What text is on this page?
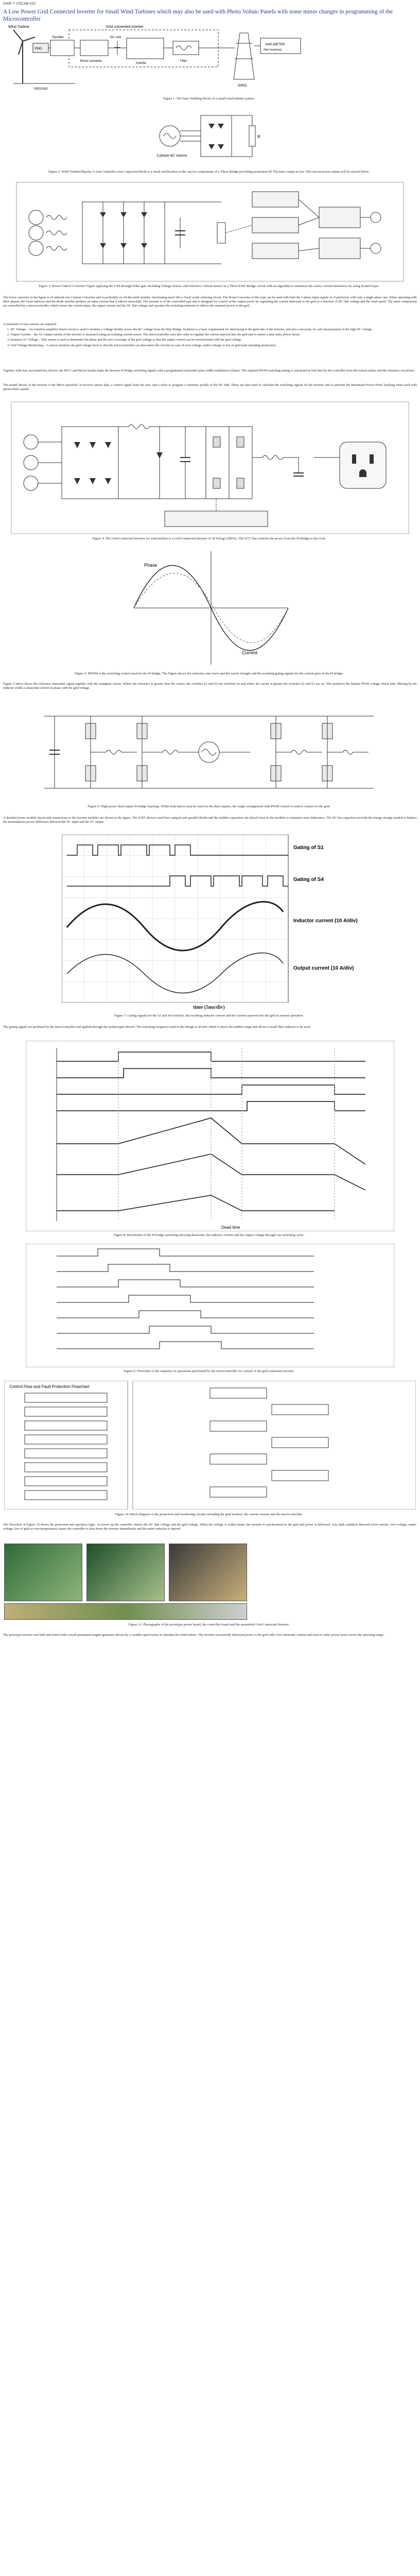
DIAR Y VOCAB KID
A Low Power Grid Connected Inverter for Small Wind Turbines which may also be used with Photo Voltaic Panels with some minor changes in programming of the Microcontroller
Wind Turbine
PMG
Grid connected inverter
Rectifier
Boost converter
DC Link
Inverter
Filter
GRID
kWh METER
(Net metering)
GROUND
Figure 1: The basic building blocks of a small wind turbine system.
3 phase AC source
R
Figure 2: Wind Turbine/Bipolar 3-Arm Controller (was Capacitor/Diode is a small rectification to the cap for components of a Three Bridge providing permanent Rf Thyristor output at low. This layout power output will be sensed below.
Figure 3: Boost Control Converter Figure applying the 3-Ph through-Filter gate including Voltage Sensor, and reference Current Sensor in a Three IGBT Bridge circuit with an algorithm to minimize the source current harmonics by using Scaled loops.
The boost converter in the figure is of reduced-size Current Converter and is preferably on off-the-shelf module, functioning much like a 'buck' mode reducing circuit. The Boost Converter of this type can be used with both the 3-phase input supply or, if preferred, with only a single phase one. When operating with three phases, the boost inductor and the diode rectifier produce an input current that is almost sinusoidal. The inverter is of the controlled type and is designed for control of the output power by regulating the current delivered to the grid as a function of DC link voltage and the wind speed. The main components are controlled by a microcontroller, which senses the current input, the output current and the DC link voltage and operates the switching elements to deliver the required power to the grid.
A minimum of four sensors are required:
1. DC Voltage – An isolation-amplifier based circuit is used to monitor a voltage divider across the DC voltage from the Way Bridge. Isolation is a basic requirement for interfacing to the grid-side of the inverter, and also a necessity for safe measurement of the high DC voltage.
2. Output Current – the AC output current of the inverter is measured using an isolating current sensor. The microcontroller uses this value to regulate the current injected into the grid and to ensure a near unity power factor.
3. Isolation AC Voltage – This sensor is used to determine the phase and the zero crossings of the grid voltage so that the output current can be synchronised with the grid voltage.
4. Grid Voltage Monitoring – A sensor monitors the grid voltage level so that the microcontroller can disconnect the inverter in case of over-voltage, under-voltage or loss of grid (anti-islanding protection).
Together with four associated key drivers, the MCU and Driver boards make the Inverter H-bridge switching signals with a programmed sinusoidal pulse width modulation scheme. The required PWM switching timing is calculated in real time by the controller from the sensed values and the reference waveform.
The model 'Boost' of the inverter is the Micro specified. It receives sensor data, a control signal from the user, and a value to program a reference profile of the DC link. These are then used to calculate the switching signals for the inverter and to perform the Maximum Power Point Tracking when used with photovoltaic panels.
Figure 4: The Grid-Connected Inverter for wind turbine is a Grid Connected Inverter of 20 Kilogs (20kW). The ECU line controls the power from the H-Bridge to the Grid.
Phase
Current
Figure 5: SPWM is the switching control used for the H-bridge. The Figure shows the reference sine wave and the carrier triangle and the resulting gating signals for the switch pairs of the H-bridge.
Figure 5 above shows the reference sinusoidal signal together with the triangular carrier. Where the reference is greater than the carrier, the switches S1 and S4 are switched on and where the carrier is greater the switches S2 and S3 are on. This produces the bipolar PWM voltage which after filtering by the inductor yields a sinusoidal current in phase with the grid voltage.
Figure 6: High power dual-output H-bridge topology. While both halves may be used for the dual outputs, the single arrangement with PWM control is used to connect to the grid.
A detailed power module layout and connections to the inverter modules are shown in the figure. The IGBT devices used have integral anti-parallel diodes and the snubber capacitors are placed close to the modules to minimise stray inductance. The DC bus capacitors provide the energy storage needed to balance the instantaneous power difference between the DC input and the AC output.
Gating of S1
Gating of S4
Inductor current (10 A/div)
Output current (10 A/div)
time (5ms/div)
Figure 7: Gating signals for the S1 and S4 switches, the resulting inductor current and the current injected into the grid in normal operation.
The gating signals are produced by the microcontroller and applied through the isolated gate drivers. The switching frequency used in this design is 20 kHz which is above the audible range and allows a small filter inductor to be used.
Dead time
Figure 8: Waveforms of the H-bridge switching showing dead time, the inductor current and the output voltage through one switching cycle.
Figure 9: Flowchart of the sequence of operations performed by the microcontroller for control of the grid connected inverter.
Control Flow and Fault Protection Flowchart
Figure 10: Block diagram of the protection and monitoring circuits including the grid monitor, the current sensors and the microcontroller.
The flowchart of Figure 10 shows the protection and operation logic. At power up the controller checks the DC link voltage and the grid voltage. When the voltage is within limits, the inverter is synchronised to the grid and power is delivered. Any fault condition detected (over-current, over-voltage, under-voltage, loss of grid or over-temperature) causes the controller to shut down the inverter immediately and the main contactor is opened.
Figure 11: Photographs of the prototype power board, the controller board and the assembled Grid Connected Inverter.
The prototype inverter was built and tested with a small permanent magnet generator driven by a variable speed motor to simulate the wind turbine. The inverter successfully delivered power to the grid with a low harmonic content and close to unity power factor across the operating range.
